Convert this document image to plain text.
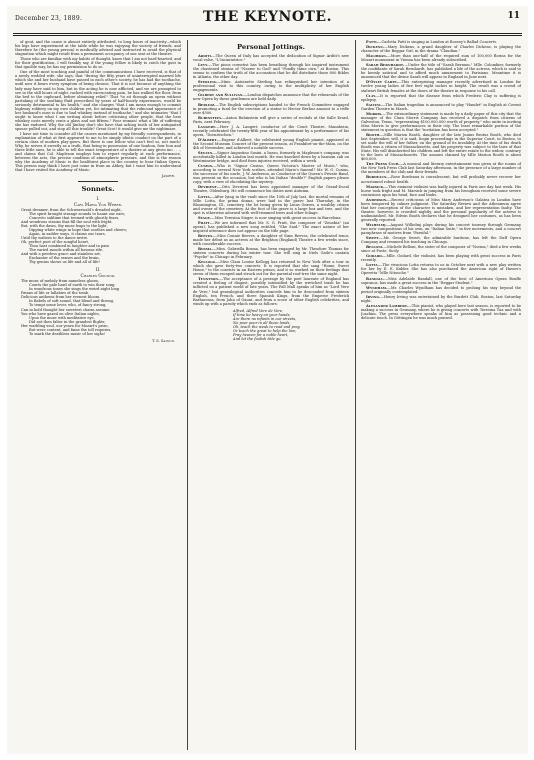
December 23, 1889.	THE KEYNOTE.	11

of gout, and the cause is almost entirely attributed, to long hours of inactivity—which his legs have experienced at the table while he was enjoying the society of friends, and therefore he (the young person) is medically advised and instructed to avoid the physical stagnation which might result from a permanent occupancy of one seat at the theatre.

Those who are familiar with my habits of thought, know that I am not hard-hearted, and for their gratification, I will frankly say, if the young fellow is likely to catch the gout in that ignoble way, he has my permission to do so.

One of the most touching and painful of the communications I have received, is that of a newly wedded wife, she says, that "during the fifty years of uninterrupted married life which she and her husband have passed in each other's society, he has had the toothache, until now it bears every symptom of being chronic. That it is not because of anything the lady may have said to him, but in the acting he is now afflicted, and we are prompted to see in the still hours of night, racked with excruciating pain, he has walked the floor, from the bed to the cupboard, before obtaining relief." That "to sit through an opera without partaking of the soothing fluid prescribed by years of half-hourly experiences, would be seriously detrimental to his health," and she charges "that I am mean enough to commit highway robbery on my own children yet, for intimating that the rubicund appearance of her husband's nose is due to bad whiskey instead of toothache," and she intimates "that I ought to know what I am writing about before criticising other people, that the best whiskey costs merely cents a glass and not fifteen." Poor woman! what a life of suffering she has endured. Why the old Jimboy don't she have that aching tooth of her antiquated spouse pulled out, and stop all this trouble? Great Scot! it would give me the nightmare.

I have not time to consider all the causes mentioned by my friendly correspondents, in explanation of what at first appeared to me to be simply idiotic conduct on the part of a certain class of modern play-goers. But there is one fellow who can't feel so, not much! Why, he serves it sweetly as a truth, that being in possession of one bonbon, four bon and three little ones, he is able to tell the exact temperature of a theatre at any given mo . . ., and claims that Col. Mapleson employs him to report regularly at each performance, between the acts, the precise condition of atmospheric pressure, and this is the reason why the Academy of Music is the healthiest place in the country to hear Italian Opera. This person may think I have just come in from an Abbey, but I want him to understand that I have visited the Academy of Music.

Jasper.
Sonnets.
I.
Carl Maria Von Weber.
Great dreamer, from the Schwarzwald's dreaded night,
The spirit brought strange sounds to haunt our ears;
Concerto sublime that teemed with ghostly fears,
And wondrous strains that fill the soul with fright.
But, with the dawn, thy muse leaps to the light,
Dipping white wings in hope that soothes and cheers;
Again, in sadder ways, it claims our tears,
Until thy waltzes to the dance invite.
Oh, perfect poet of the songful heart,
Thou hast combined in laughter and in pain
The varied moods within all bosoms rife,
And with a peerless grace and stainless art,
Enchanter of the senses and the brain,
Thy genius shows us life and all of life!
II.
Charles Gounod.
The muse of melody from nameless gloom,
Courts the pale bard of earth to win their song;
In wondrous tones she sings the weird night long
Pæans of life or lullabies of the tomb.
Delicious anthems from her evenest bloom.
In Babels of soft sound, that blend and throng,
To tempt some lover, who, of fancy strong,
Can in bold thought her sweetest charm assume.
You who have gazed on olive Italian nights,
Upon the muse with meditative eye,
Did not then falter in the grandest flights;
Her warbling soul, our yearn for Mozart's prize,
But were content, and fame the toll requires,
To mark the deathless music of her sighs!
T. S. Salvus.
Personal Jottings.

Arditi.—The Queen of Italy has accepted the dedication of Signor Arditi's new vocal valse, "L'Incantatrice."

Levy.—The pious cornetist has been breathing through his inspired instrument the chastened strains of "Nearer to God" and "Fondly thine own," at Boston. This seems to confirm the truth of the accusation that he did distribute those 800 Bibles in Atlanta, the other day.

Sterling.—Mme. Antoinette Sterling has relinquished her intention of a professional visit to this country, owing to the multiplicity of her English engagements.

Gilbert and Sullivan.—London dispatches announce that the rehearsals of the new Opera by these gentlemen are held daily.

Berlioz.—The English subscriptions handed to the French Committee engaged in promoting a fund for the erection of a statue to Hector Berlioz amount to a trifle over $500.

Rubinstein.—Anton Rubinstein will give a series of recitals at the Salle Erard, Paris, next February.

Langert.—Herr J. A. Langert, conductor of the Court Theatre, Mannheim, recently celebrated the twenty-fifth year of his appointment by a performance of his opera, "Dornröschen."

D'Albert.—Eugene d'Albert, the celebrated young English pianist, appeared at the Second Museum Concert of the present season, at Frankfort-on-the-Main, on the 4th of November, and achieved a notable success.

Seguin.—Signor Augustino Susini, a basso, formerly in Mapleson's company, was accidentally killed in London last month. He was knocked down by a hansom cab on Westminster bridge, and died from injuries received, within a week.

Cusins.—Who is "Signor Cusino, Queen Victoria's Master of Music," who, according to several New York scribes, attended Mario's funeral? Mr. W. G. Cusins, the successor of his uncle, J. W. Anderson, as Conductor of the Queen's Private Band, was present on the occasion, but who is his Italian "double?" English papers please copy, with a view of elucidating the mystery.

Devrient.—Otto Devrient has been appointed manager of the Grand-Ducal Theatre, Oldenburg. He will commence his duties next Autumn.

Lotta.—After lying in the vault since the 10th of July last, the mortal remains of Mlle. Lotta, the prima donna, were laid in the grave last Thursday, in the Bloomington, Ill., cemetery, the lot being given by Linus Graves, a wealthy citizen and owner of the cemetery. At the foot of the grave is a large box and tree, and the spot is otherwise adorned with well-trimmed trees and other foliage.

Stage.—Miss Teresina Singer, is now singing with great success in Barcelona.

Pratt.—We are informed that Mr. S. G. Pratt, the composer of "Zenobia" (an opera), has published a new song entitled, "She Said." The exact nature of her inspired utterance does not appear on the title page.

Reeves.—Miss Connie Reeves, a daughter of Sims Reeves, the celebrated tenor, made her début as an actress at the Brighton (England) Theatre a few weeks since, with considerable success.

Bosma.—Miss. Gabriella Bosma, has been engaged by Mr. Theodore Thomas for sixteen concerts during his winter tour. She will sing in Niels Gade's cantata "Psyche" in Chicago in February.

Kellogg.—Miss Clara Louise Kellogg has returned to New York after a tour in which she gave forty-two concerts. It is reported that she sang "Home, Sweet Home," to the convicts in an Eastern prison, and it so worked on their feelings that seven of them escaped and struck out for the parental roof-tree the same night.

Tennyson.—The acceptance of a peerage by the poet laureate of England has created a feeling of disgust, possibly intensified by the wretched trash he has inflicted on a patient world of late years. The Pall Mall speaks of him as "Lord Vere de Vere," but genealogical authorities concede him to be descended from sixteen English, ten French, and three Spanish Kings, from the Emperor Frederick Barbarossa, from John of Gaunt, and from a score of other English celebrities, and winds up with a parody which ends as follows:

Alfred, Alfred Vere de Vere,
If time be heavy on your hands,
Are there no infants in our streets,
No poor poor in all these lands,
Oh, teach the weak to read and pray,
Or teach the great to help the low;
Pray heaven for a noble heart,
And let the foolish title go.

Patti.—Carlotta Patti is singing in London at Boosey's Ballad Concerts.

Dickens.—Mary Dickens, a grand daughter of Charles Dickens, is playing the character of the Beggar Girl, in the drama "Claudian."

Malibran.—More than one-half of the required sum of 100,000 florins for the Mozart monument in Vienna has been already subscribed.

Sarah Bernhardt.—Under the title of "Sarah Bernum," Mlle. Colombier, formerly the confidante of Sarah Bernhardt, has published a life of the actress, which is said to be keenly satirical and to afford much amusement to Parisians. Meantime it is announced that the divine Sarah will appear in England in June next.

D'Oyley Carte.—This enterprising manager recently advertised in London for twelve young ladies of five feet eight inches in height. The result was a crowd of stalwart British females at the doors of the theatre in response to his call.

Clay.—It is reported that the disease from which Frederic Clay is suffering is epilepsy.

Salvini.—The Italian tragedian is announced to play "Hamlet" in English at Covent Garden Theatre in March.

Morris.—The extraordinary statement is made by a daily paper of this city that the manager of the Clara Morris Company has received a dispatch from citizens of Galveston, Texas, "representing $100,000,000 worth of property," who unite in inviting Miss Morris to give performances in their city. The least remarkable portion of the statement in question is that the "invitation has been accepted."

Booth.—Mlle Marion Booth, daughter of the late Junius Brutus Booth, who died last September, will, it is said, begin proceedings in the Superior Court, in Boston, to set aside the will of her father, on the ground of its invalidity. At the time of his death Booth was a citizen of Massachusetts, and his property was subject to the laws of that State. His will disinherited his children and left the entire estate to the widow, contrary to the laws of Massachusetts. The amount claimed by Mlle Marion Booth is about $60,000.

The Press Club.—A musical and literary entertainment was given at the rooms of the New York Press Club last Saturday afternoon, in the presence of a large number of the members of the club and their friends.

Bordeaux.—Rose Bordeaux is convalescent, but will probably never recover her accustomed robust health.

Marsick.—This eminent violinist was badly injured in Paris one day last week. His horse took fright and M. Marsick in jumping from his brougham received some severe contusions upon his head, face and limbs.

Anderson.—Recent criticisms of Miss Mary Anderson's Galatea in London have been tempered by calmer judgment. The Saturday Review and the Athenæum agree that her conception of the character is mistaken, and her representation faulty. The theatre, however, is crowded nightly, and the personal popularity of the actress is undiminished. Mr. Edwin Booth declares that he designed her costumes, as has been generally reported.

Wilhelmj.—August Wilhelmj plays during his concert tourney through Germany two new compositions of his own, an "Italian Suite," in five movements, and a concert paraphrase of motives from "Parsifal."

Sweet.—Mr. George Sweet, the admirable baritone, has left the Duff Opera Company and resumed his teaching in Chicago.

Belloni.—Michele Belloni, the sister of the composer of "Norma," died a few weeks since at Puste, Sicily.

Godard.—Mlle. Godard, the violinist, has been playing with great success in Paris recently.

Lotta.—The vivacious Lotta returns to us in October next with a new play written for her by E. E. Kidder. She has also purchased the American right of Hawes's Operetta "Mlle Nitouche."

Randall.—Miss Adelaide Randall, one of the best of American Opera Bouffe sopranos, has made a great success in the "Beggar Student."

Wyndham.—Mr. Charles Wyndham has decided to prolong his stay beyond the period originally contemplated.

Irving.—Henry Irving was entertained by the Burdett Club, Boston, last Saturday night.

Alexander Lambert.—This pianist, who played here last season, is reported to be making a success in Germany, where he is giving concerts with Teresina Tua and with Joachim. The press everywhere speaks of him as possessing good technic and a delicate touch. In Göttingen he was much praised.
